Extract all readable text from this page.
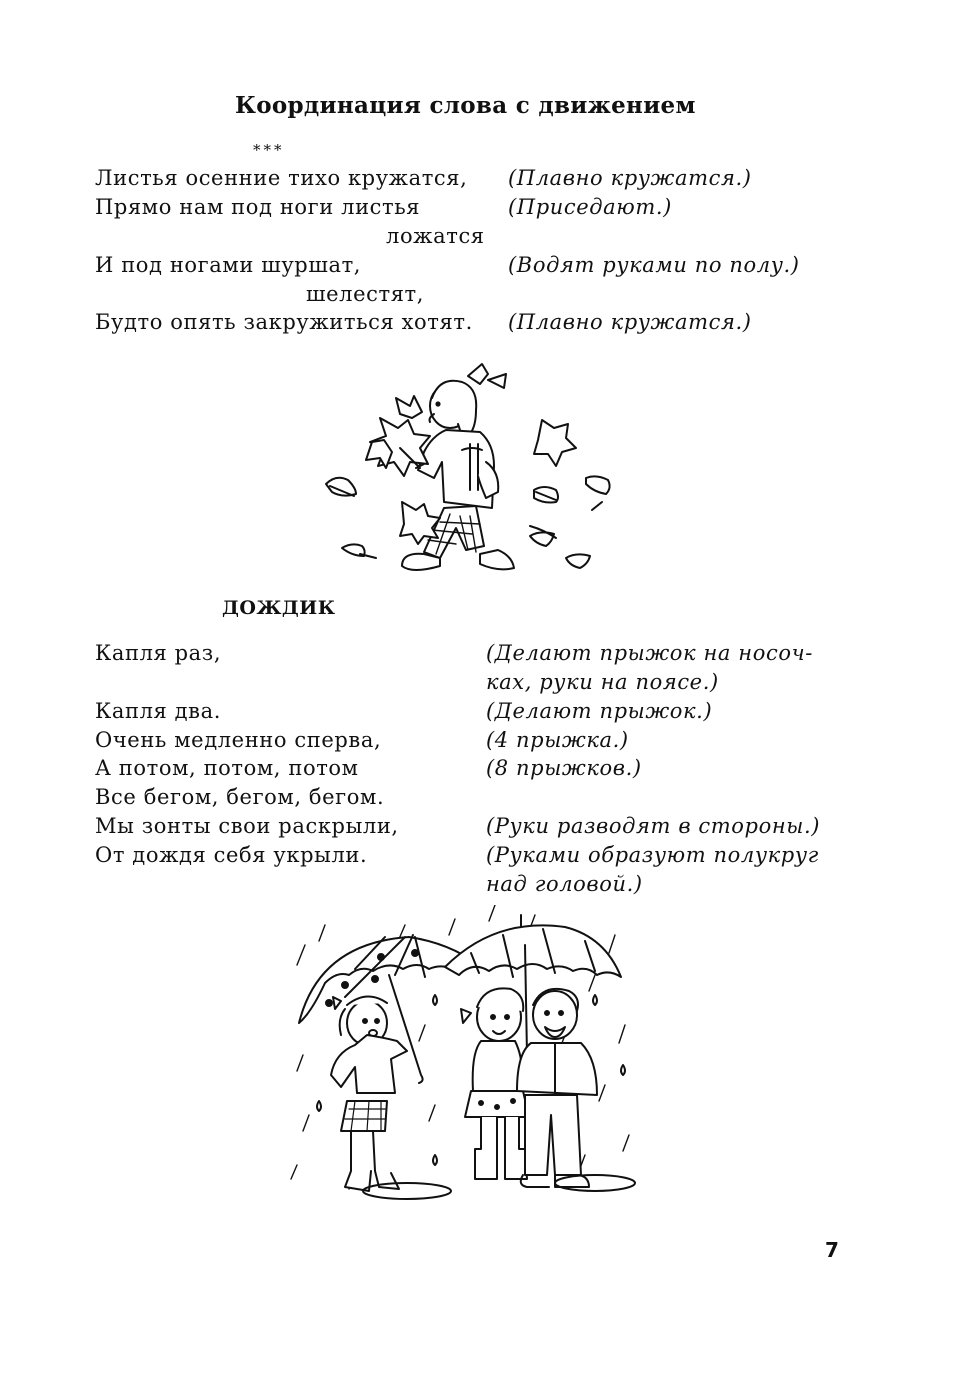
Координация слова с движением
***
Листья осенние тихо кружатся,
Прямо нам под ноги листья
ложатся
И под ногами шуршат,
шелестят,
Будто опять закружиться хотят.
(Плавно кружатся.)
(Приседают.)
(Водят руками по полу.)
(Плавно кружатся.)
ДОЖДИК
Капля раз,
Капля два.
Очень медленно сперва,
А потом, потом, потом
Все бегом, бегом, бегом.
Мы зонты свои раскрыли,
От дождя себя укрыли.
(Делают прыжок на носоч-
ках, руки на поясе.)
(Делают прыжок.)
(4 прыжка.)
(8 прыжков.)
(Руки разводят в стороны.)
(Руками образуют полукруг
над головой.)
7
